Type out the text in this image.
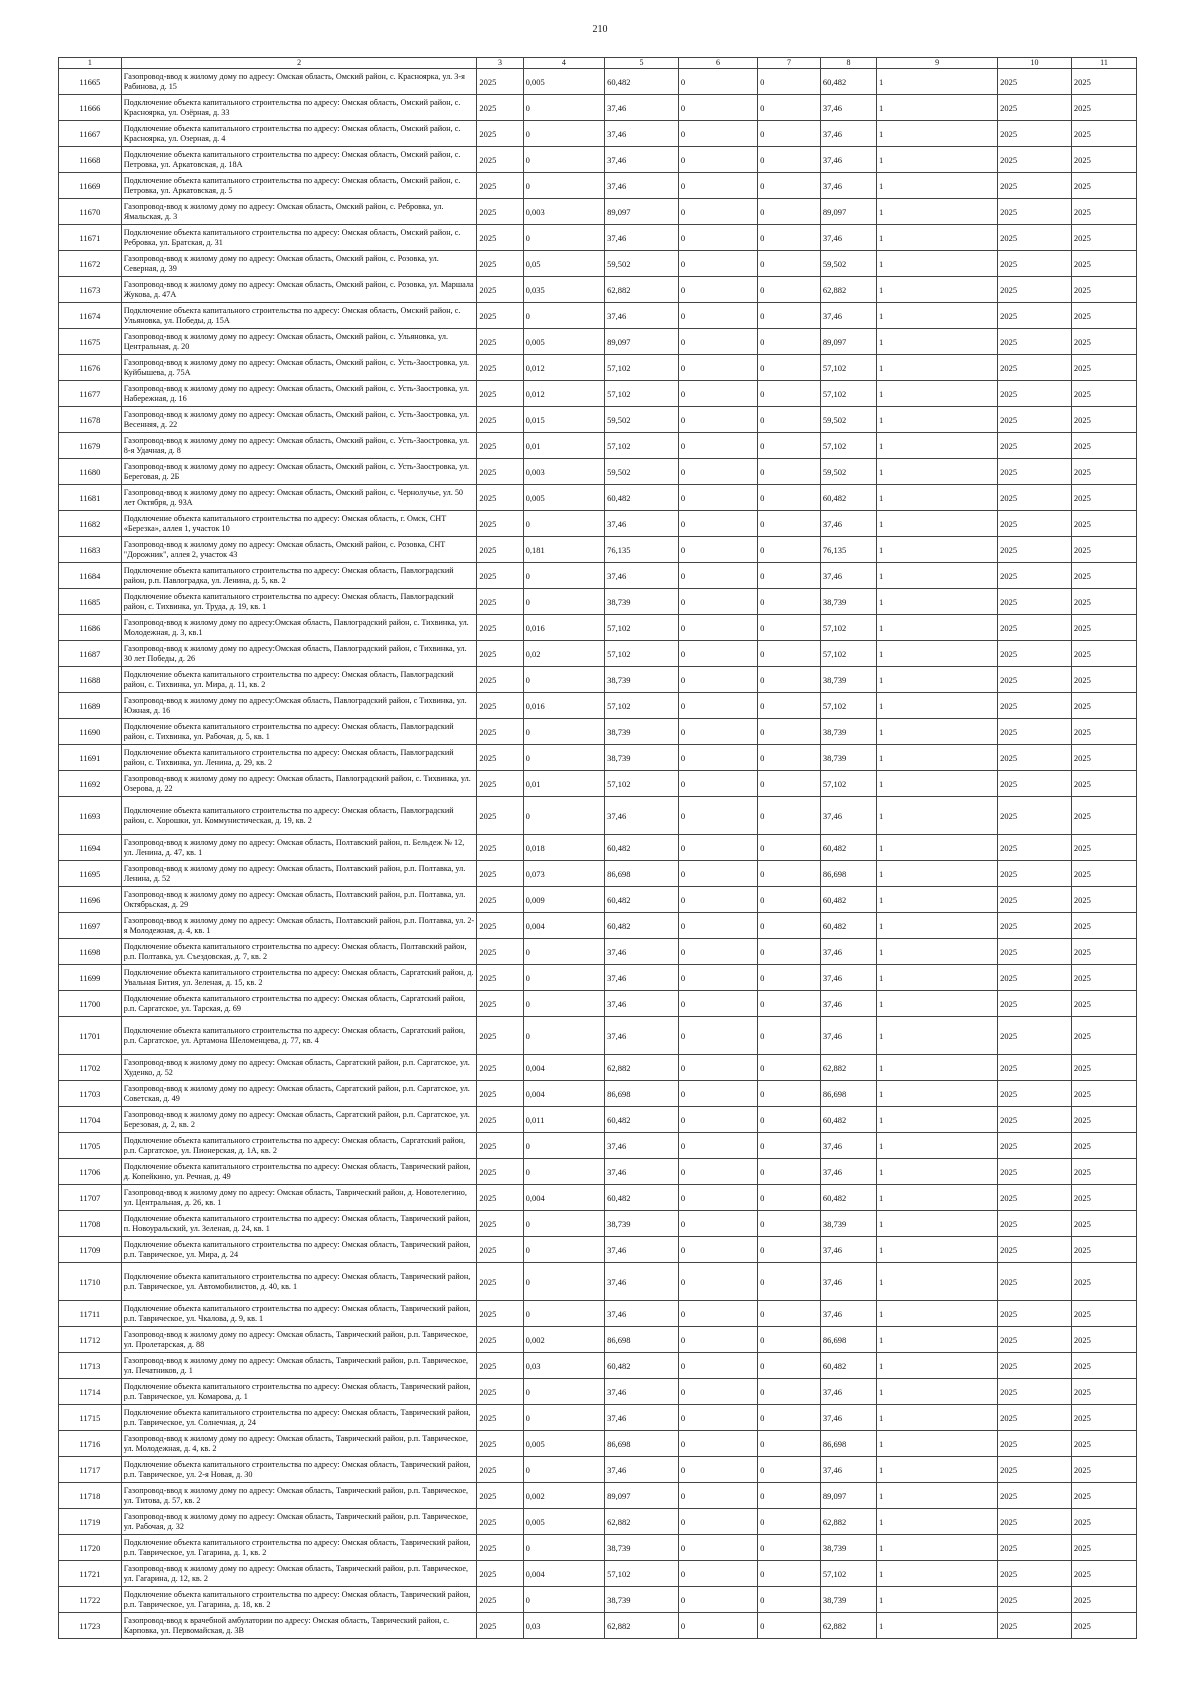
210
1	2	3	4	5	6	7	8	9	10	11
11665	Газопровод-ввод к жилому дому по адресу: Омская область, Омский район, с. Красноярка, ул. 3-я Рабинова, д. 15	2025	0,005	60,482	0	0	60,482	1	2025	2025
11666	Подключение объекта капитального строительства по адресу: Омская область, Омский район, с. Красноярка, ул. Озёрная, д. 33	2025	0	37,46	0	0	37,46	1	2025	2025
11667	Подключение объекта капитального строительства по адресу: Омская область, Омский район, с. Красноярка, ул. Озерная, д. 4	2025	0	37,46	0	0	37,46	1	2025	2025
11668	Подключение объекта капитального строительства по адресу: Омская область, Омский район, с. Петровка, ул. Аркатовская, д. 18А	2025	0	37,46	0	0	37,46	1	2025	2025
11669	Подключение объекта капитального строительства по адресу: Омская область, Омский район, с. Петровка, ул. Аркатовская, д. 5	2025	0	37,46	0	0	37,46	1	2025	2025
11670	Газопровод-ввод к жилому дому по адресу: Омская область, Омский район, с. Ребровка, ул. Ямальская, д. 3	2025	0,003	89,097	0	0	89,097	1	2025	2025
11671	Подключение объекта капитального строительства по адресу: Омская область, Омский район, с. Ребровка, ул. Братская, д. 31	2025	0	37,46	0	0	37,46	1	2025	2025
11672	Газопровод-ввод к жилому дому по адресу: Омская область, Омский район, с. Розовка, ул. Северная, д. 39	2025	0,05	59,502	0	0	59,502	1	2025	2025
11673	Газопровод-ввод к жилому дому по адресу: Омская область, Омский район, с. Розовка, ул. Маршала Жукова, д. 47А	2025	0,035	62,882	0	0	62,882	1	2025	2025
11674	Подключение объекта капитального строительства по адресу: Омская область, Омский район, с. Ульяновка, ул. Победы, д. 15А	2025	0	37,46	0	0	37,46	1	2025	2025
11675	Газопровод-ввод к жилому дому по адресу: Омская область, Омский район, с. Ульяновка, ул. Центральная, д. 20	2025	0,005	89,097	0	0	89,097	1	2025	2025
11676	Газопровод-ввод к жилому дому по адресу: Омская область, Омский район, с. Усть-Заостровка, ул. Куйбышева, д. 75А	2025	0,012	57,102	0	0	57,102	1	2025	2025
11677	Газопровод-ввод к жилому дому по адресу: Омская область, Омский район, с. Усть-Заостровка, ул. Набережная, д. 16	2025	0,012	57,102	0	0	57,102	1	2025	2025
11678	Газопровод-ввод к жилому дому по адресу: Омская область, Омский район, с. Усть-Заостровка, ул. Весенняя, д. 22	2025	0,015	59,502	0	0	59,502	1	2025	2025
11679	Газопровод-ввод к жилому дому по адресу: Омская область, Омский район, с. Усть-Заостровка, ул. 8-я Удачная, д. 8	2025	0,01	57,102	0	0	57,102	1	2025	2025
11680	Газопровод-ввод к жилому дому по адресу: Омская область, Омский район, с. Усть-Заостровка, ул. Береговая, д. 2Б	2025	0,003	59,502	0	0	59,502	1	2025	2025
11681	Газопровод-ввод к жилому дому по адресу: Омская область, Омский район, с. Чернолучье, ул. 50 лет Октября, д. 93А	2025	0,005	60,482	0	0	60,482	1	2025	2025
11682	Подключение объекта капитального строительства по адресу: Омская область, г. Омск, СНТ «Березка», аллея 1, участок 10	2025	0	37,46	0	0	37,46	1	2025	2025
11683	Газопровод-ввод к жилому дому по адресу: Омская область, Омский район, с. Розовка, СНТ "Дорожник", аллея 2, участок 43	2025	0,181	76,135	0	0	76,135	1	2025	2025
11684	Подключение объекта капитального строительства по адресу: Омская область, Павлоградский район, р.п. Павлоградка, ул. Ленина, д. 5, кв. 2	2025	0	37,46	0	0	37,46	1	2025	2025
11685	Подключение объекта капитального строительства по адресу: Омская область, Павлоградский район, с. Тихвинка, ул. Труда, д. 19, кв. 1	2025	0	38,739	0	0	38,739	1	2025	2025
11686	Газопровод-ввод к жилому дому по адресу:Омская область, Павлоградский район, с. Тихвинка, ул. Молодежная, д. 3, кв.1	2025	0,016	57,102	0	0	57,102	1	2025	2025
11687	Газопровод-ввод к жилому дому по адресу:Омская область, Павлоградский район, с Тихвинка, ул. 30 лет Победы, д. 26	2025	0,02	57,102	0	0	57,102	1	2025	2025
11688	Подключение объекта капитального строительства по адресу: Омская область, Павлоградский район, с. Тихвинка, ул. Мира, д. 11, кв. 2	2025	0	38,739	0	0	38,739	1	2025	2025
11689	Газопровод-ввод к жилому дому по адресу:Омская область, Павлоградский район, с Тихвинка, ул. Южная, д. 16	2025	0,016	57,102	0	0	57,102	1	2025	2025
11690	Подключение объекта капитального строительства по адресу: Омская область, Павлоградский район, с. Тихвинка, ул. Рабочая, д. 5, кв. 1	2025	0	38,739	0	0	38,739	1	2025	2025
11691	Подключение объекта капитального строительства по адресу: Омская область, Павлоградский район, с. Тихвинка, ул. Ленина, д. 29, кв. 2	2025	0	38,739	0	0	38,739	1	2025	2025
11692	Газопровод-ввод к жилому дому по адресу: Омская область, Павлоградский район, с. Тихвинка, ул. Озерова, д. 22	2025	0,01	57,102	0	0	57,102	1	2025	2025
11693	Подключение объекта капитального строительства по адресу: Омская область, Павлоградский район, с. Хорошки, ул. Коммунистическая, д. 19, кв. 2	2025	0	37,46	0	0	37,46	1	2025	2025
11694	Газопровод-ввод к жилому дому по адресу: Омская область, Полтавский район, п. Бельдеж № 12, ул. Ленина, д. 47, кв. 1	2025	0,018	60,482	0	0	60,482	1	2025	2025
11695	Газопровод-ввод к жилому дому по адресу: Омская область, Полтавский район, р.п. Полтавка, ул. Ленина, д. 52	2025	0,073	86,698	0	0	86,698	1	2025	2025
11696	Газопровод-ввод к жилому дому по адресу: Омская область, Полтавский район, р.п. Полтавка, ул. Октябрьская, д. 29	2025	0,009	60,482	0	0	60,482	1	2025	2025
11697	Газопровод-ввод к жилому дому по адресу: Омская область, Полтавский район, р.п. Полтавка, ул. 2-я Молодежная, д. 4, кв. 1	2025	0,004	60,482	0	0	60,482	1	2025	2025
11698	Подключение объекта капитального строительства по адресу: Омская область, Полтавский район, р.п. Полтавка, ул. Съездовская, д. 7, кв. 2	2025	0	37,46	0	0	37,46	1	2025	2025
11699	Подключение объекта капитального строительства по адресу: Омская область, Саргатский район, д. Увальная Бития, ул. Зеленая, д. 15, кв. 2	2025	0	37,46	0	0	37,46	1	2025	2025
11700	Подключение объекта капитального строительства по адресу: Омская область, Саргатский район, р.п. Саргатское, ул. Тарская, д. 69	2025	0	37,46	0	0	37,46	1	2025	2025
11701	Подключение объекта капитального строительства по адресу: Омская область, Саргатский район, р.п. Саргатское, ул. Артамона Шеломенцева, д. 77, кв. 4	2025	0	37,46	0	0	37,46	1	2025	2025
11702	Газопровод-ввод к жилому дому по адресу: Омская область, Саргатский район, р.п. Саргатское, ул. Худенко, д. 52	2025	0,004	62,882	0	0	62,882	1	2025	2025
11703	Газопровод-ввод к жилому дому по адресу: Омская область, Саргатский район, р.п. Саргатское, ул. Советская, д. 49	2025	0,004	86,698	0	0	86,698	1	2025	2025
11704	Газопровод-ввод к жилому дому по адресу: Омская область, Саргатский район, р.п. Саргатское, ул. Березовая, д. 2, кв. 2	2025	0,011	60,482	0	0	60,482	1	2025	2025
11705	Подключение объекта капитального строительства по адресу: Омская область, Саргатский район, р.п. Саргатское, ул. Пионерская, д. 1А, кв. 2	2025	0	37,46	0	0	37,46	1	2025	2025
11706	Подключение объекта капитального строительства по адресу: Омская область, Таврический район, д. Копейкино, ул. Речная, д. 49	2025	0	37,46	0	0	37,46	1	2025	2025
11707	Газопровод-ввод к жилому дому по адресу: Омская область, Таврический район, д. Новотелегино, ул. Центральная, д. 26, кв. 1	2025	0,004	60,482	0	0	60,482	1	2025	2025
11708	Подключение объекта капитального строительства по адресу: Омская область, Таврический район, п. Новоуральский, ул. Зеленая, д. 24, кв. 1	2025	0	38,739	0	0	38,739	1	2025	2025
11709	Подключение объекта капитального строительства по адресу: Омская область, Таврический район, р.п. Таврическое, ул. Мира, д. 24	2025	0	37,46	0	0	37,46	1	2025	2025
11710	Подключение объекта капитального строительства по адресу: Омская область, Таврический район, р.п. Таврическое, ул. Автомобилистов, д. 40, кв. 1	2025	0	37,46	0	0	37,46	1	2025	2025
11711	Подключение объекта капитального строительства по адресу: Омская область, Таврический район, р.п. Таврическое, ул. Чкалова, д. 9, кв. 1	2025	0	37,46	0	0	37,46	1	2025	2025
11712	Газопровод-ввод к жилому дому по адресу: Омская область, Таврический район, р.п. Таврическое, ул. Пролетарская, д. 88	2025	0,002	86,698	0	0	86,698	1	2025	2025
11713	Газопровод-ввод к жилому дому по адресу: Омская область, Таврический район, р.п. Таврическое, ул. Печатников, д. 1	2025	0,03	60,482	0	0	60,482	1	2025	2025
11714	Подключение объекта капитального строительства по адресу: Омская область, Таврический район, р.п. Таврическое, ул. Комарова, д. 1	2025	0	37,46	0	0	37,46	1	2025	2025
11715	Подключение объекта капитального строительства по адресу: Омская область, Таврический район, р.п. Таврическое, ул. Солнечная, д. 24	2025	0	37,46	0	0	37,46	1	2025	2025
11716	Газопровод-ввод к жилому дому по адресу: Омская область, Таврический район, р.п. Таврическое, ул. Молодежная, д. 4, кв. 2	2025	0,005	86,698	0	0	86,698	1	2025	2025
11717	Подключение объекта капитального строительства по адресу: Омская область, Таврический район, р.п. Таврическое, ул. 2-я Новая, д. 30	2025	0	37,46	0	0	37,46	1	2025	2025
11718	Газопровод-ввод к жилому дому по адресу: Омская область, Таврический район, р.п. Таврическое, ул. Титова, д. 57, кв. 2	2025	0,002	89,097	0	0	89,097	1	2025	2025
11719	Газопровод-ввод к жилому дому по адресу: Омская область, Таврический район, р.п. Таврическое, ул. Рабочая, д. 32	2025	0,005	62,882	0	0	62,882	1	2025	2025
11720	Подключение объекта капитального строительства по адресу: Омская область, Таврический район, р.п. Таврическое, ул. Гагарина, д. 1, кв. 2	2025	0	38,739	0	0	38,739	1	2025	2025
11721	Газопровод-ввод к жилому дому по адресу: Омская область, Таврический район, р.п. Таврическое, ул. Гагарина, д. 12, кв. 2	2025	0,004	57,102	0	0	57,102	1	2025	2025
11722	Подключение объекта капитального строительства по адресу: Омская область, Таврический район, р.п. Таврическое, ул. Гагарина, д. 18, кв. 2	2025	0	38,739	0	0	38,739	1	2025	2025
11723	Газопровод-ввод к врачебной амбулатории по адресу: Омская область, Таврический район, с. Карповка, ул. Первомайская, д. 3В	2025	0,03	62,882	0	0	62,882	1	2025	2025
